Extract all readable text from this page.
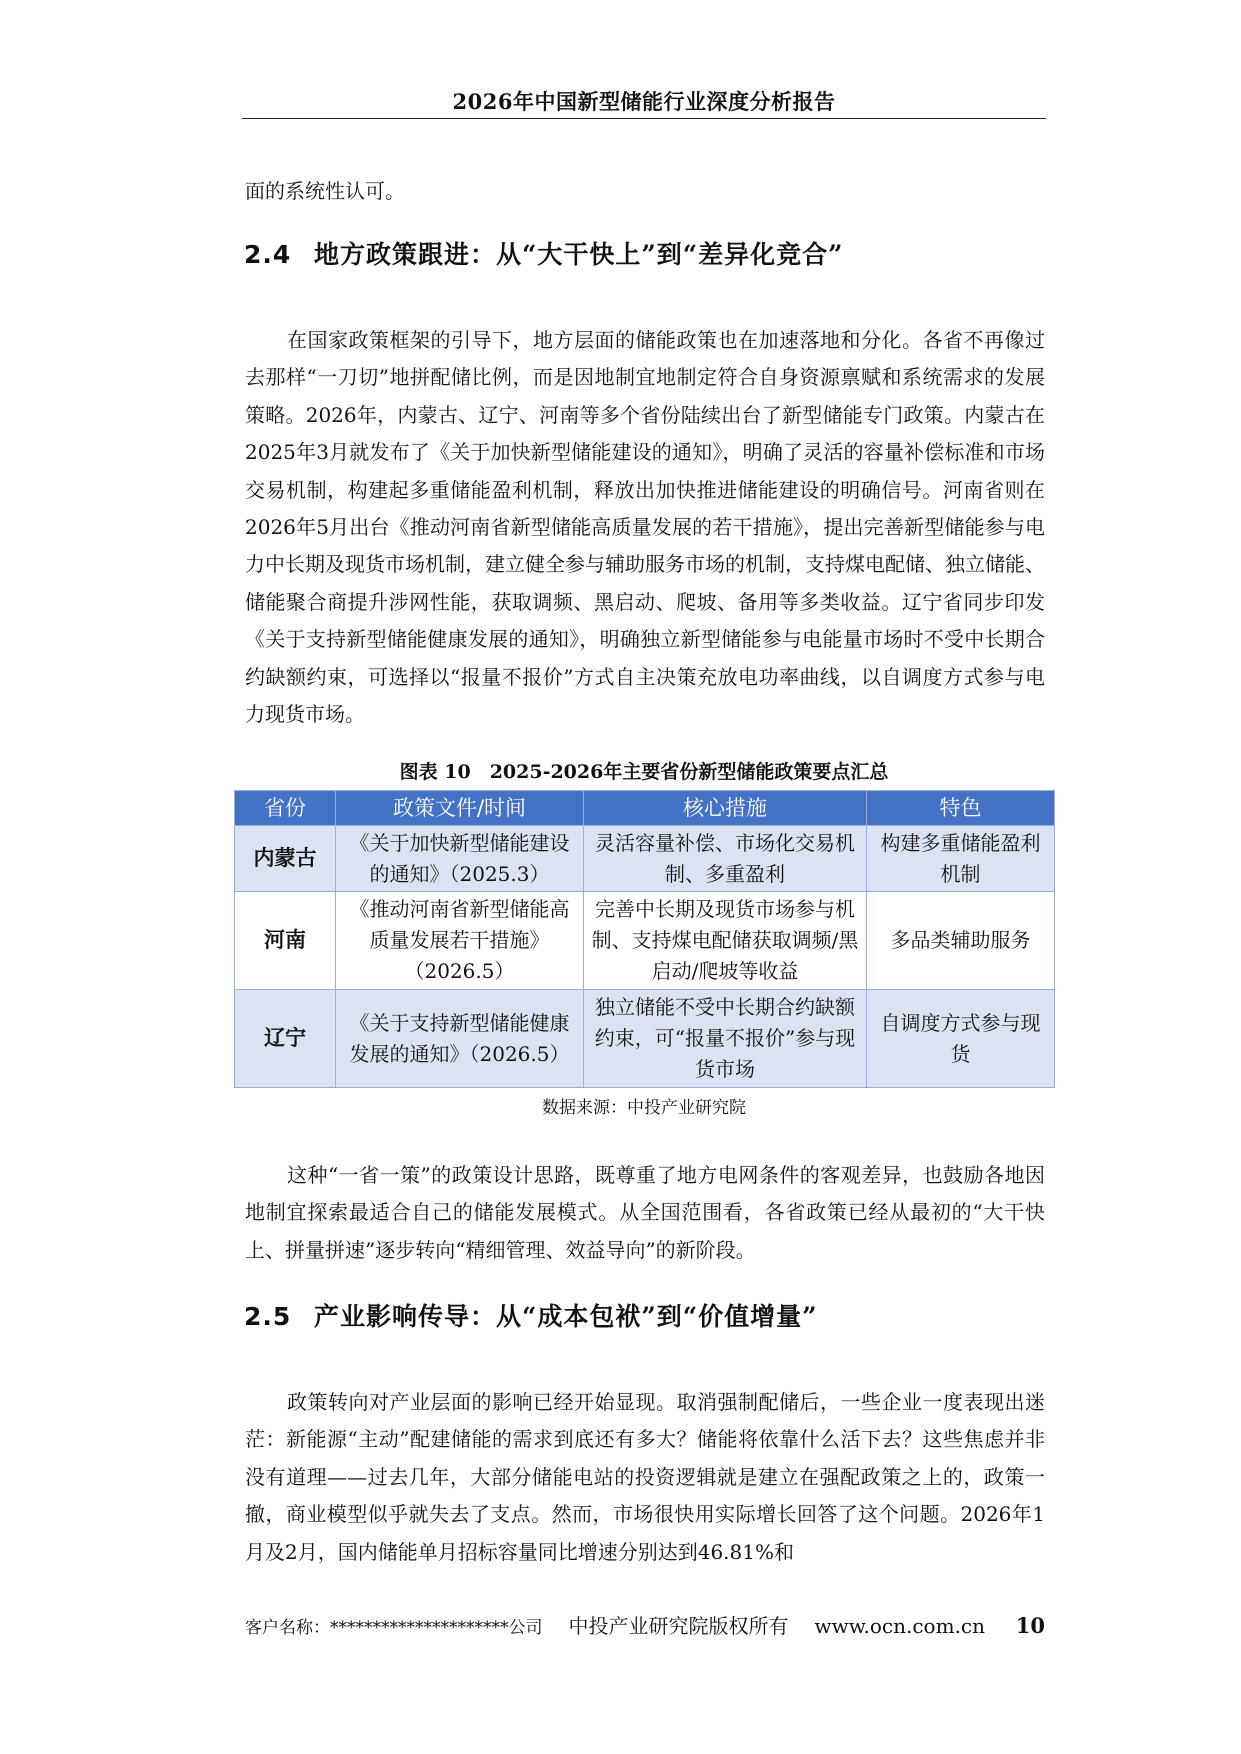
2026年中国新型储能行业深度分析报告

面的系统性认可。

2.4 地方政策跟进：从“大干快上”到“差异化竞合”

在国家政策框架的引导下，地方层面的储能政策也在加速落地和分化。各省不再像过去那样“一刀切”地拼配储比例，而是因地制宜地制定符合自身资源禀赋和系统需求的发展策略。2026年，内蒙古、辽宁、河南等多个省份陆续出台了新型储能专门政策。内蒙古在2025年3月就发布了《关于加快新型储能建设的通知》，明确了灵活的容量补偿标准和市场交易机制，构建起多重储能盈利机制，释放出加快推进储能建设的明确信号。河南省则在2026年5月出台《推动河南省新型储能高质量发展的若干措施》，提出完善新型储能参与电力中长期及现货市场机制，建立健全参与辅助服务市场的机制，支持煤电配储、独立储能、储能聚合商提升涉网性能，获取调频、黑启动、爬坡、备用等多类收益。辽宁省同步印发《关于支持新型储能健康发展的通知》，明确独立新型储能参与电能量市场时不受中长期合约缺额约束，可选择以“报量不报价”方式自主决策充放电功率曲线，以自调度方式参与电力现货市场。

图表 10　2025-2026年主要省份新型储能政策要点汇总
省份	政策文件/时间	核心措施	特色
内蒙古	《关于加快新型储能建设的通知》（2025.3）	灵活容量补偿、市场化交易机制、多重盈利	构建多重储能盈利机制
河南	《推动河南省新型储能高质量发展若干措施》（2026.5）	完善中长期及现货市场参与机制、支持煤电配储获取调频/黑启动/爬坡等收益	多品类辅助服务
辽宁	《关于支持新型储能健康发展的通知》（2026.5）	独立储能不受中长期合约缺额约束，可“报量不报价”参与现货市场	自调度方式参与现货
数据来源：中投产业研究院

这种“一省一策”的政策设计思路，既尊重了地方电网条件的客观差异，也鼓励各地因地制宜探索最适合自己的储能发展模式。从全国范围看，各省政策已经从最初的“大干快上、拼量拼速”逐步转向“精细管理、效益导向”的新阶段。

2.5 产业影响传导：从“成本包袱”到“价值增量”

政策转向对产业层面的影响已经开始显现。取消强制配储后，一些企业一度表现出迷茫：新能源“主动”配建储能的需求到底还有多大？储能将依靠什么活下去？这些焦虑并非没有道理——过去几年，大部分储能电站的投资逻辑就是建立在强配政策之上的，政策一撤，商业模型似乎就失去了支点。然而，市场很快用实际增长回答了这个问题。2026年1月及2月，国内储能单月招标容量同比增速分别达到46.81%和

客户名称：*********************公司 中投产业研究院版权所有 www.ocn.com.cn 10
